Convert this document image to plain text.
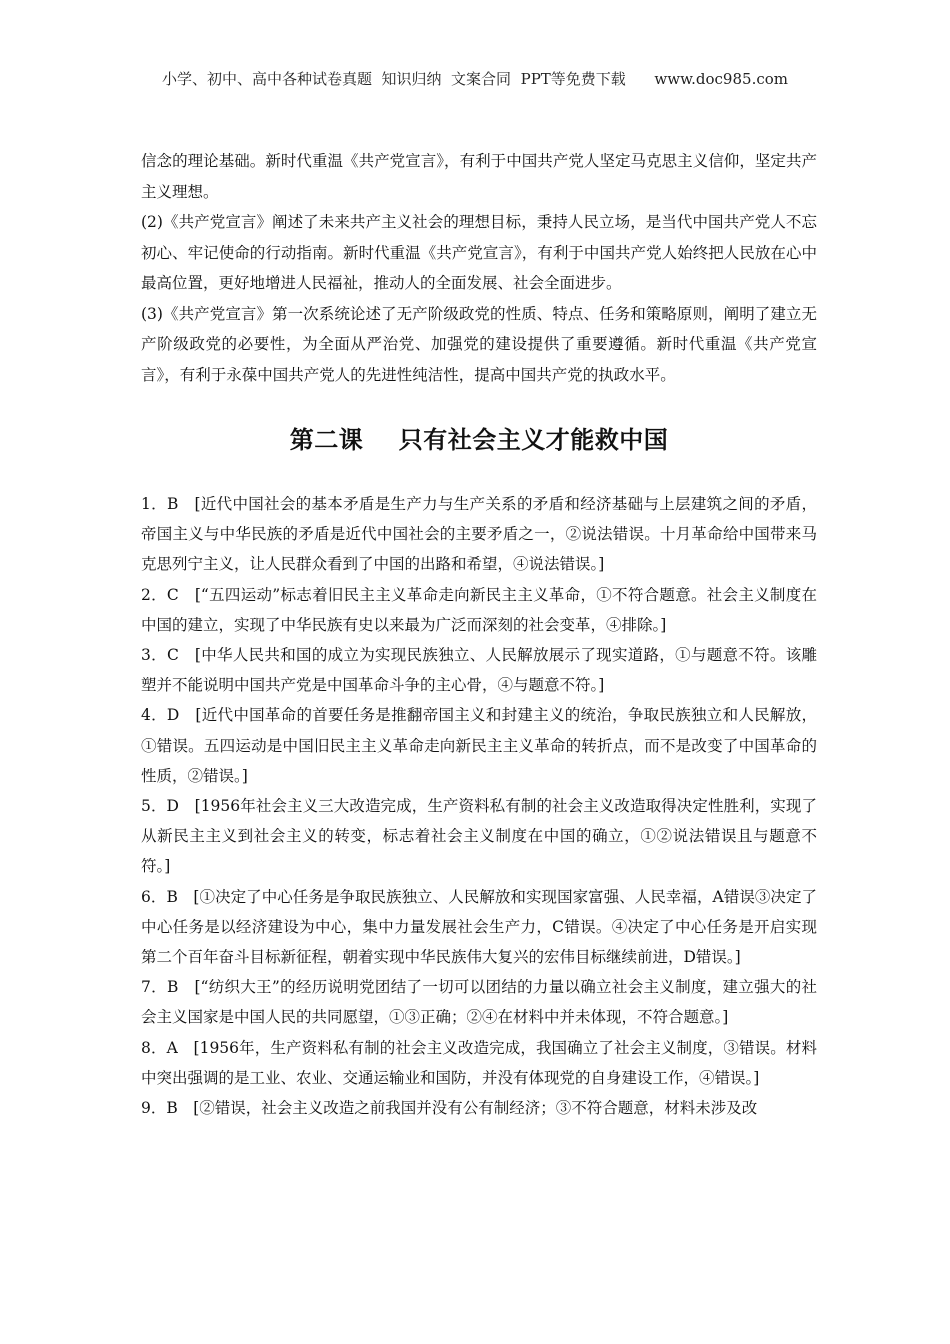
小学、初中、高中各种试卷真题  知识归纳  文案合同  PPT等免费下载      www.doc985.com

信念的理论基础。新时代重温《共产党宣言》，有利于中国共产党人坚定马克思主义信仰，坚定共产主义理想。

(2)《共产党宣言》阐述了未来共产主义社会的理想目标，秉持人民立场，是当代中国共产党人不忘初心、牢记使命的行动指南。新时代重温《共产党宣言》，有利于中国共产党人始终把人民放在心中最高位置，更好地增进人民福祉，推动人的全面发展、社会全面进步。

(3)《共产党宣言》第一次系统论述了无产阶级政党的性质、特点、任务和策略原则，阐明了建立无产阶级政党的必要性，为全面从严治党、加强党的建设提供了重要遵循。新时代重温《共产党宣言》，有利于永葆中国共产党人的先进性纯洁性，提高中国共产党的执政水平。

第二课    只有社会主义才能救中国

1．B　[近代中国社会的基本矛盾是生产力与生产关系的矛盾和经济基础与上层建筑之间的矛盾，帝国主义与中华民族的矛盾是近代中国社会的主要矛盾之一，②说法错误。十月革命给中国带来马克思列宁主义，让人民群众看到了中国的出路和希望，④说法错误。]

2．C　[“五四运动”标志着旧民主主义革命走向新民主主义革命，①不符合题意。社会主义制度在中国的建立，实现了中华民族有史以来最为广泛而深刻的社会变革，④排除。]

3．C　[中华人民共和国的成立为实现民族独立、人民解放展示了现实道路，①与题意不符。该雕塑并不能说明中国共产党是中国革命斗争的主心骨，④与题意不符。]

4．D　[近代中国革命的首要任务是推翻帝国主义和封建主义的统治，争取民族独立和人民解放，①错误。五四运动是中国旧民主主义革命走向新民主主义革命的转折点，而不是改变了中国革命的性质，②错误。]

5．D　[1956年社会主义三大改造完成，生产资料私有制的社会主义改造取得决定性胜利，实现了从新民主主义到社会主义的转变，标志着社会主义制度在中国的确立，①②说法错误且与题意不符。]

6．B　[①决定了中心任务是争取民族独立、人民解放和实现国家富强、人民幸福，A错误③决定了中心任务是以经济建设为中心，集中力量发展社会生产力，C错误。④决定了中心任务是开启实现第二个百年奋斗目标新征程，朝着实现中华民族伟大复兴的宏伟目标继续前进，D错误。]

7．B　[“纺织大王”的经历说明党团结了一切可以团结的力量以确立社会主义制度，建立强大的社会主义国家是中国人民的共同愿望，①③正确；②④在材料中并未体现，不符合题意。]

8．A　[1956年，生产资料私有制的社会主义改造完成，我国确立了社会主义制度，③错误。材料中突出强调的是工业、农业、交通运输业和国防，并没有体现党的自身建设工作，④错误。]

9．B　[②错误，社会主义改造之前我国并没有公有制经济；③不符合题意，材料未涉及改
